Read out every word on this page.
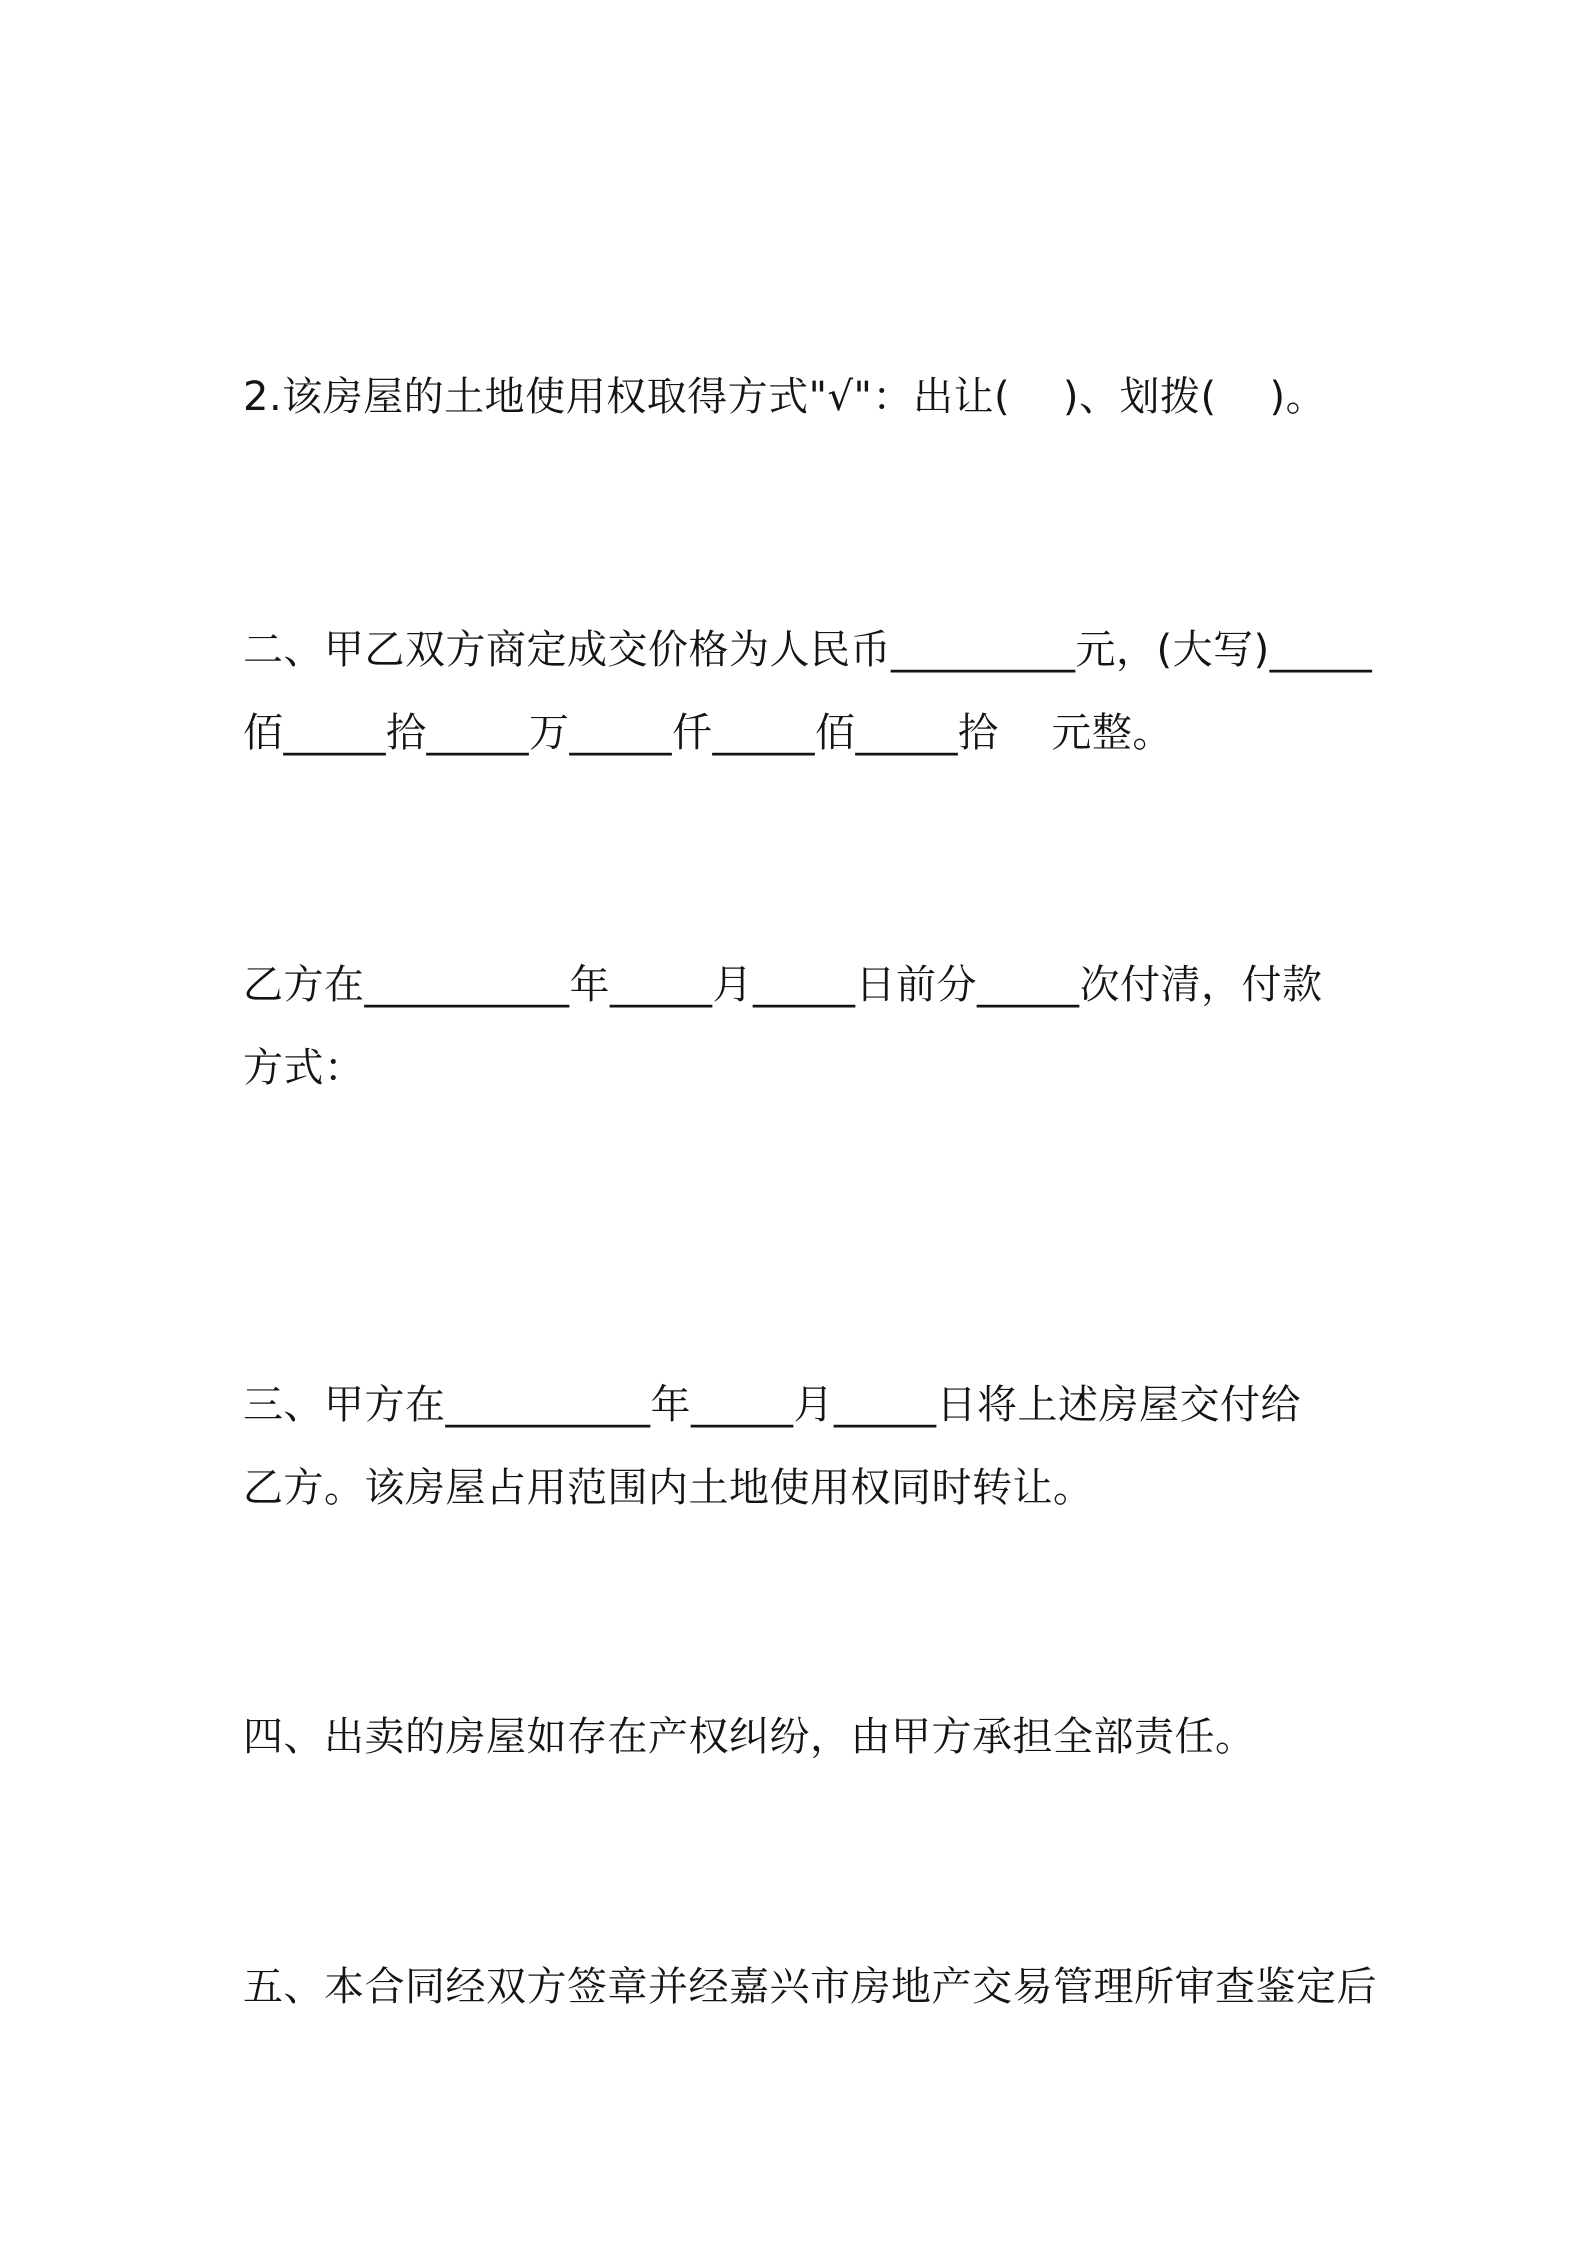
2.该房屋的土地使用权取得方式"√"：出让(    )、划拨(    )。
二、甲乙双方商定成交价格为人民币_________元，(大写)_____
佰_____拾_____万_____仟_____佰_____拾    元整。
乙方在__________年_____月_____日前分_____次付清，付款
方式：
三、甲方在__________年_____月_____日将上述房屋交付给
乙方。该房屋占用范围内土地使用权同时转让。
四、出卖的房屋如存在产权纠纷，由甲方承担全部责任。
五、本合同经双方签章并经嘉兴市房地产交易管理所审查鉴定后
